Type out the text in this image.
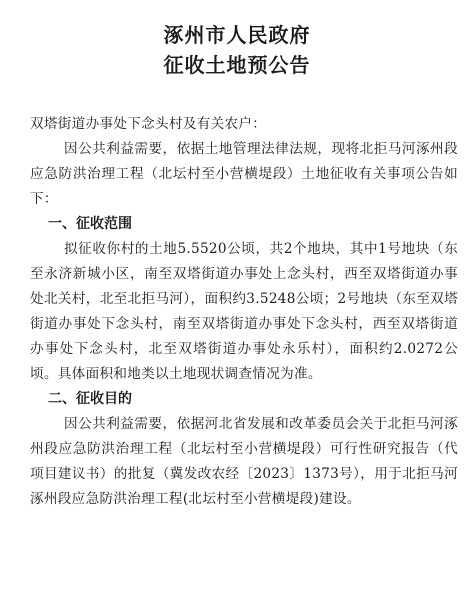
涿州市人民政府
征收土地预公告

双塔街道办事处下念头村及有关农户：

因公共利益需要，依据土地管理法律法规，现将北拒马河涿州段应急防洪治理工程（北坛村至小营横堤段）土地征收有关事项公告如下：

一、征收范围

拟征收你村的土地5.5520公顷，共2个地块，其中1号地块（东至永济新城小区，南至双塔街道办事处上念头村，西至双塔街道办事处北关村，北至北拒马河），面积约3.5248公顷；2号地块（东至双塔街道办事处下念头村，南至双塔街道办事处下念头村，西至双塔街道办事处下念头村，北至双塔街道办事处永乐村），面积约2.0272公顷。具体面积和地类以土地现状调查情况为准。

二、征收目的

因公共利益需要，依据河北省发展和改革委员会关于北拒马河涿州段应急防洪治理工程（北坛村至小营横堤段）可行性研究报告（代项目建议书）的批复（冀发改农经〔2023〕1373号），用于北拒马河涿州段应急防洪治理工程(北坛村至小营横堤段)建设。
